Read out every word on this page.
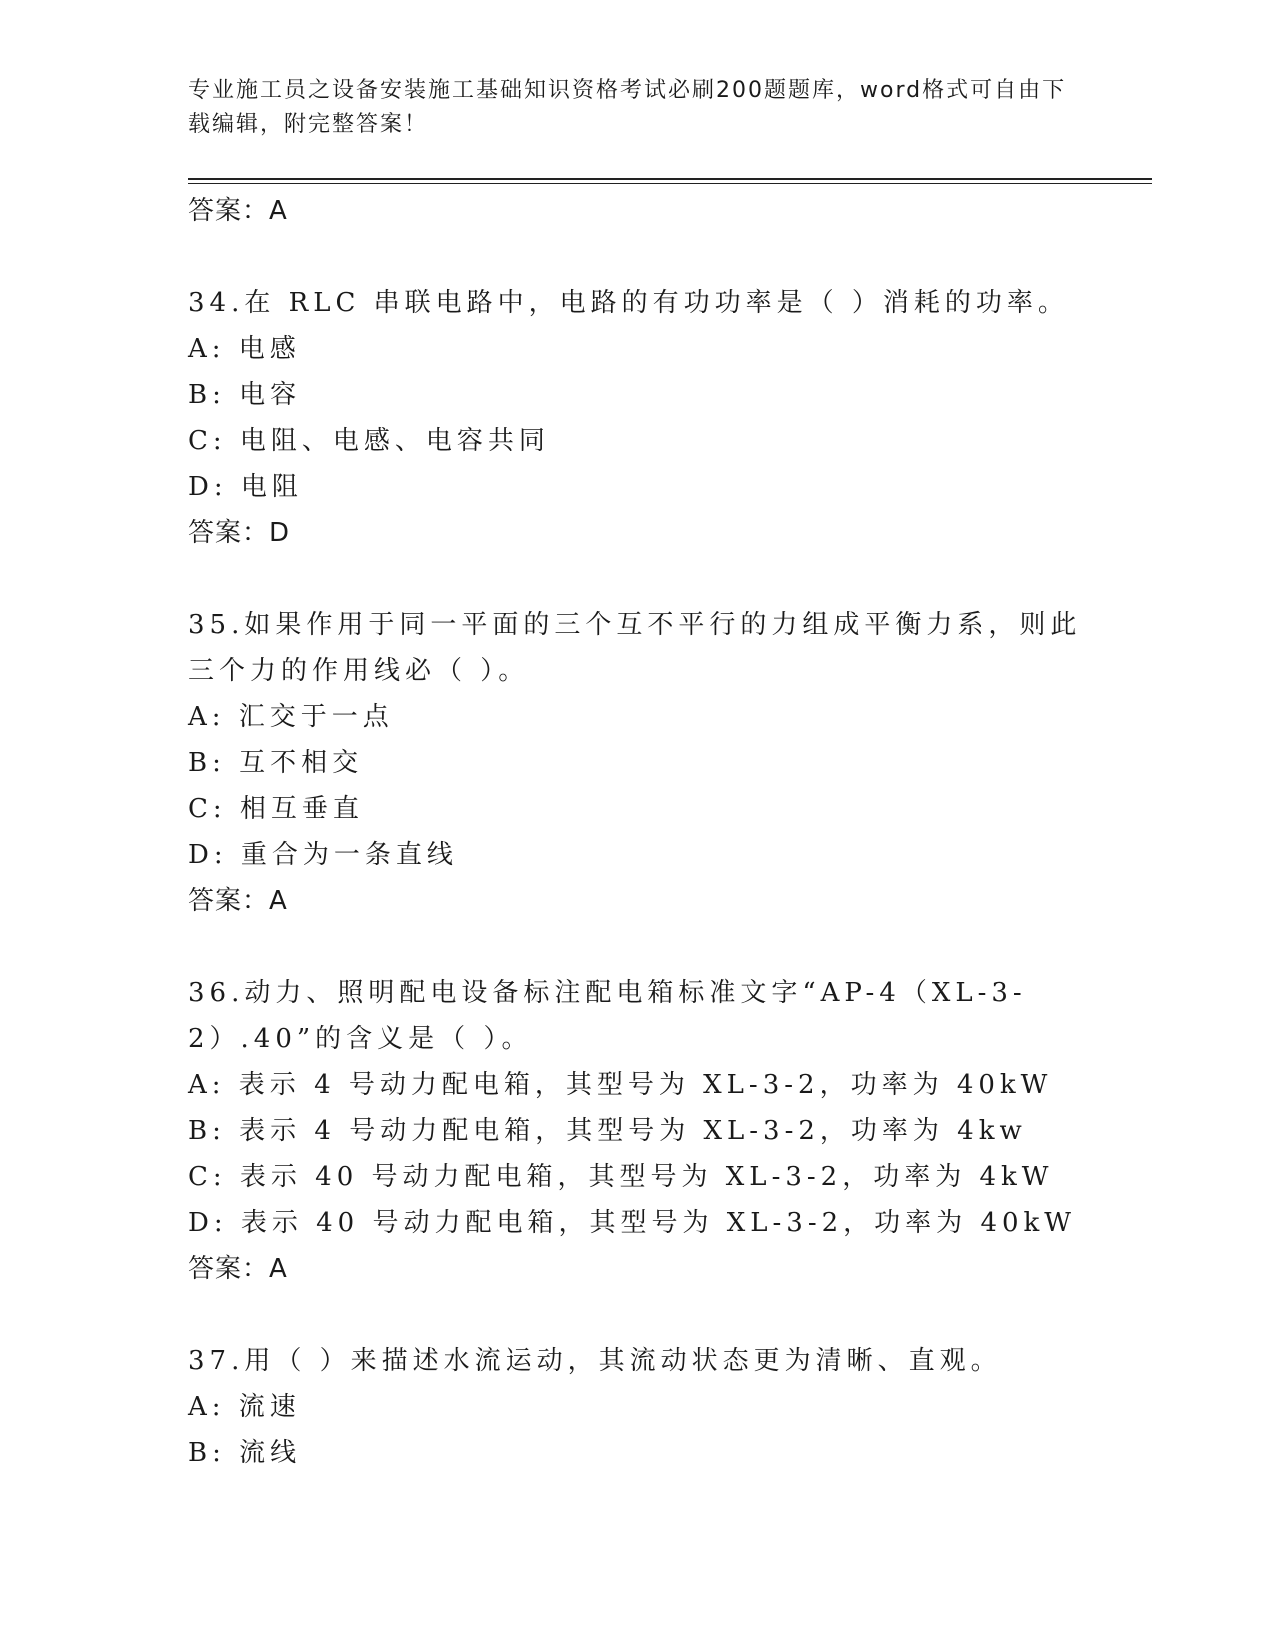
专业施工员之设备安装施工基础知识资格考试必刷200题题库，word格式可自由下载编辑，附完整答案！
答案：A
34.在 RLC 串联电路中，电路的有功功率是（ ）消耗的功率。
A: 电感
B: 电容
C: 电阻、电感、电容共同
D: 电阻
答案：D
35.如果作用于同一平面的三个互不平行的力组成平衡力系，则此三个力的作用线必（ ）。
A: 汇交于一点
B: 互不相交
C: 相互垂直
D: 重合为一条直线
答案：A
36.动力、照明配电设备标注配电箱标准文字“AP-4（XL-3-2）.40”的含义是（ ）。
A: 表示 4 号动力配电箱，其型号为 XL-3-2，功率为 40kW
B: 表示 4 号动力配电箱，其型号为 XL-3-2，功率为 4kw
C: 表示 40 号动力配电箱，其型号为 XL-3-2，功率为 4kW
D: 表示 40 号动力配电箱，其型号为 XL-3-2，功率为 40kW
答案：A
37.用（ ）来描述水流运动，其流动状态更为清晰、直观。
A: 流速
B: 流线
